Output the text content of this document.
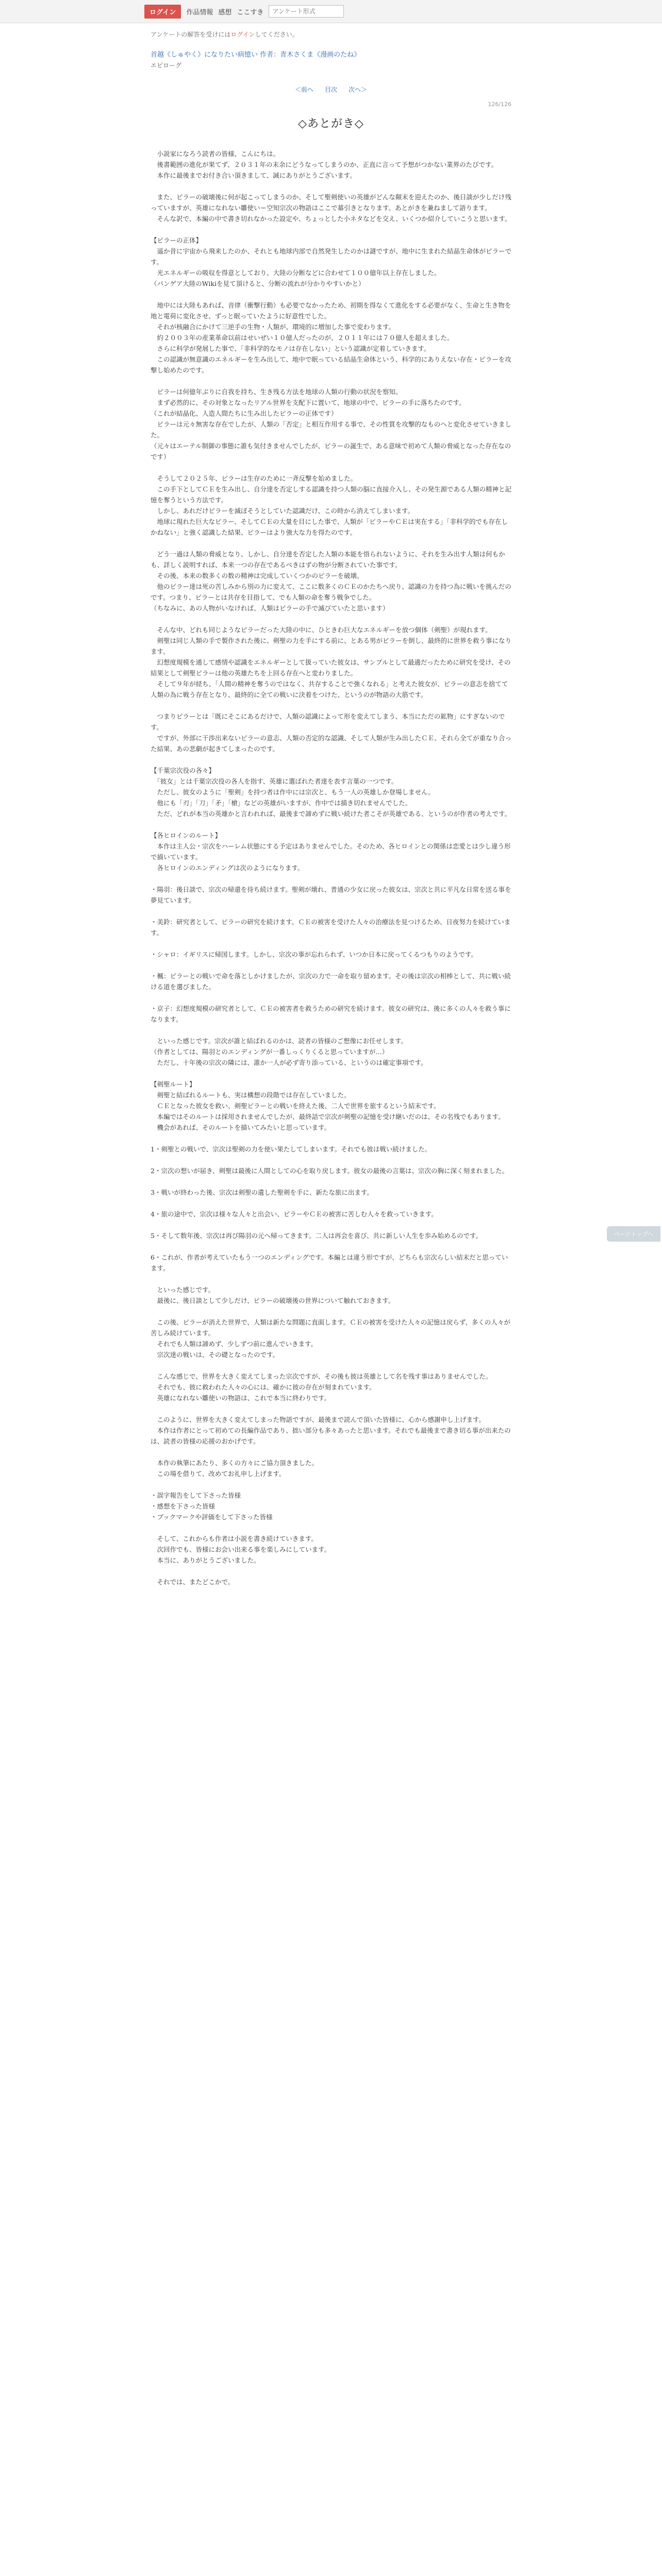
ログイン	作品情報 感想 ここすき
アンケート形式
アンケートの解答を受けにはログインしてください。
首越《しゅやく》になりたい病憶い 作者：青木さくま《漫画のたね》
エピローグ
＜前へ 目次 次へ＞
126/126
◇あとがき◇

　小説家になろう読者の皆様、こんにちは。
　後書範囲の進化が果てず、２０３１年の末余にどうなってしまうのか、正直に言って予想がつかない業界のたびです。
　本作に最後までお付き合い頂きまして、誠にありがとうございます。

　また、ピラーの破壊後に何が起こってしまうのか、そして聖剣使いの英雄がどんな顛末を迎えたのか、後日談が少しだけ残っていますが、英雄になれない雛使い＝空知宗次の物語はここで幕引きとなります。あとがきを兼ねまして語ります。
　そんな訳で、本編の中で書き切れなかった設定や、ちょっとした小ネタなどを交え、いくつか紹介していこうと思います。

【ピラーの正体】
　遥か昔に宇宙から飛来したのか、それとも地球内部で自然発生したのかは謎ですが、地中に生まれた結晶生命体がピラーです。
　光エネルギーの吸収を得意としており、大陸の分断などに合わせて１００億年以上存在しました。
（パンゲア大陸のWikiを見て頂けると、分断の流れが分かりやすいかと）

　地中には大陸もあれば、音律（衝撃行動）も必要でなかったため、初期を得なくて進化をする必要がなく、生命と生き物を地と電荷に変化させ、ずっと眠っていたように好意性でした。
　それが核融合にかけて三逆手の生物・人類が、環境的に増加した事で変わります。
　約２００３年の産業革命以前はせいぜい１０億人だったのが、２０１１年には７０億人を超えました。
　さらに科学が発展した事で、「非科学的なモノは存在しない」という認識が定着していきます。
　この認識が無意識のエネルギーを生み出して、地中で眠っている結晶生命体という、科学的にありえない存在・ピラーを攻撃し始めたのです。

　ピラーは何億年ぶりに自我を持ち、生き残る方法を地球の人類の行動の状況を察知。
　まず必然的に、その対象となったリアル世界を支配下に置いて、地球の中で、ピラーの手に落ちたのです。
（これが結晶化、人造人間たちに生み出したピラーの正体です）
　ピラーは元々無害な存在でしたが、人類の「否定」と相互作用する事で、その性質を攻撃的なものへと変化させていきました。
（元々はエーテル制御の事態に誰も気付きませんでしたが、ピラーの誕生で、ある意味で初めて人類の脅威となった存在なのです）

　そうして２０２５年、ピラーは生存のために一斉反撃を始めました。
　この手下としてＣＥを生み出し、自分達を否定しする認識を持つ人類の脳に直接介入し、その発生源である人類の精神と記憶を奪うという方法です。
　しかし、あれだけピラーを滅ぼそうとしていた認識だけ、この時から消えてしまいます。
　地球に現れた巨大なピラー、そしてＣＥの大量を目にした事で、人類が「ピラーやＣＥは実在する」「非科学的でも存在しかねない」と強く認識した結果、ピラーはより強大な力を得たのです。

　どう一過は人類の脅威となり、しかし、自分達を否定した人類の本能を悟られないように、それを生み出す人類は何もかも、詳しく説明すれば、本来一つの存在であるべきはずの物が分断されていた事です。
　その後、本来の数多くの数の精神は完成していくつかのピラーを破壊。
　他のピラー達は死の苦しみから別の力に変えて、ここに数多くのＣＥのかたちへ戻り、認識の力を持つ為に戦いを挑んだのです。つまり、ピラーとは共存を目指して、でも人類の命を奪う戦争でした。
（ちなみに、あの人物がいなければ、人類はピラーの手で滅びていたと思います）

　そんな中、どれも同じようなピラーだった大陸の中に、ひときわ巨大なエネルギーを放つ個体（剣聖）が現れます。
　剣聖は同じ人類の手で製作された後に、剣聖の力を手にする前に、とある男がピラーを倒し、最終的に世界を救う事になります。
　幻想度規模を通して感情や認識をエネルギーとして扱っていた彼女は、サンプルとして最適だったために研究を受け、その結果として剣聖ピラーは他の英雄たちを上回る存在へと変わりました。
　そして９年が経ち、「人間の精神を奪うのではなく、共存することで強くなれる」と考えた彼女が、ピラーの意志を捨てて人類の為に戦う存在となり、最終的に全ての戦いに決着をつけた、というのが物語の大筋です。

　つまりピラーとは「既にそこにあるだけで、人類の認識によって形を変えてしまう、本当にただの鉱物」にすぎないのです。
　ですが、外部に干渉出来ないピラーの意志、人類の否定的な認識、そして人類が生み出したＣＥ、それら全てが重なり合った結果、あの悲劇が起きてしまったのです。

【千葉宗次役の各々】
　「彼女」とは千葉宗次役の各人を指す、英雄に選ばれた者達を表す言葉の一つです。
　ただし、彼女のように「聖剣」を持つ者は作中には宗次と、もう一人の英雄しか登場しません。
　他にも「刃」「刀」「矛」「槍」などの英雄がいますが、作中では描き切れませんでした。
　ただ、どれが本当の英雄かと言われれば、最後まで諦めずに戦い続けた者こそが英雄である、というのが作者の考えです。

【各ヒロインのルート】
　本作は主人公・宗次をハーレム状態にする予定はありませんでした。そのため、各ヒロインとの関係は恋愛とは少し違う形で描いています。
　各ヒロインのエンディングは次のようになります。

・陽羽：後日談で、宗次の帰還を待ち続けます。聖剣が壊れ、普通の少女に戻った彼女は、宗次と共に平凡な日常を送る事を夢見ています。

・美鈴：研究者として、ピラーの研究を続けます。ＣＥの被害を受けた人々の治療法を見つけるため、日夜努力を続けています。

・シャロ：イギリスに帰国します。しかし、宗次の事が忘れられず、いつか日本に戻ってくるつもりのようです。

・楓：ピラーとの戦いで命を落としかけましたが、宗次の力で一命を取り留めます。その後は宗次の相棒として、共に戦い続ける道を選びました。

・京子：幻想度規模の研究者として、ＣＥの被害者を救うための研究を続けます。彼女の研究は、後に多くの人々を救う事になります。

　といった感じです。宗次が誰と結ばれるのかは、読者の皆様のご想像にお任せします。
（作者としては、陽羽とのエンディングが一番しっくりくると思っていますが…）
　ただし、十年後の宗次の隣には、誰か一人が必ず寄り添っている、というのは確定事項です。

【剣聖ルート】
　剣聖と結ばれるルートも、実は構想の段階では存在していました。
　ＣＥとなった彼女を救い、剣聖ピラーとの戦いを終えた後、二人で世界を旅するという結末です。
　本編ではそのルートは採用されませんでしたが、最終話で宗次が剣聖の記憶を受け継いだのは、その名残でもあります。
　機会があれば、そのルートを描いてみたいと思っています。

1・剣聖との戦いで、宗次は聖剣の力を使い果たしてしまいます。それでも彼は戦い続けました。

2・宗次の想いが届き、剣聖は最後に人間としての心を取り戻します。彼女の最後の言葉は、宗次の胸に深く刻まれました。

3・戦いが終わった後、宗次は剣聖の遺した聖剣を手に、新たな旅に出ます。

4・旅の途中で、宗次は様々な人々と出会い、ピラーやＣＥの被害に苦しむ人々を救っていきます。

5・そして数年後、宗次は再び陽羽の元へ帰ってきます。二人は再会を喜び、共に新しい人生を歩み始めるのです。

6・これが、作者が考えていたもう一つのエンディングです。本編とは違う形ですが、どちらも宗次らしい結末だと思っています。

　といった感じです。
　最後に、後日談として少しだけ、ピラーの破壊後の世界について触れておきます。

　この後、ピラーが消えた世界で、人類は新たな問題に直面します。ＣＥの被害を受けた人々の記憶は戻らず、多くの人々が苦しみ続けています。
　それでも人類は諦めず、少しずつ前に進んでいきます。
　宗次達の戦いは、その礎となったのです。

　こんな感じで、世界を大きく変えてしまった宗次ですが、その後も彼は英雄として名を残す事はありませんでした。
　それでも、彼に救われた人々の心には、確かに彼の存在が刻まれています。
　英雄になれない雛使いの物語は、これで本当に終わりです。

　このように、世界を大きく変えてしまった物語ですが、最後まで読んで頂いた皆様に、心から感謝申し上げます。
　本作は作者にとって初めての長編作品であり、拙い部分も多々あったと思います。それでも最後まで書き切る事が出来たのは、読者の皆様の応援のおかげです。

　本作の執筆にあたり、多くの方々にご協力頂きました。
　この場を借りて、改めてお礼申し上げます。

・誤字報告をして下さった皆様
・感想を下さった皆様
・ブックマークや評価をして下さった皆様

　そして、これからも作者は小説を書き続けていきます。
　次回作でも、皆様にお会い出来る事を楽しみにしています。
　本当に、ありがとうございました。

　それでは、またどこかで。

ページトップへ
